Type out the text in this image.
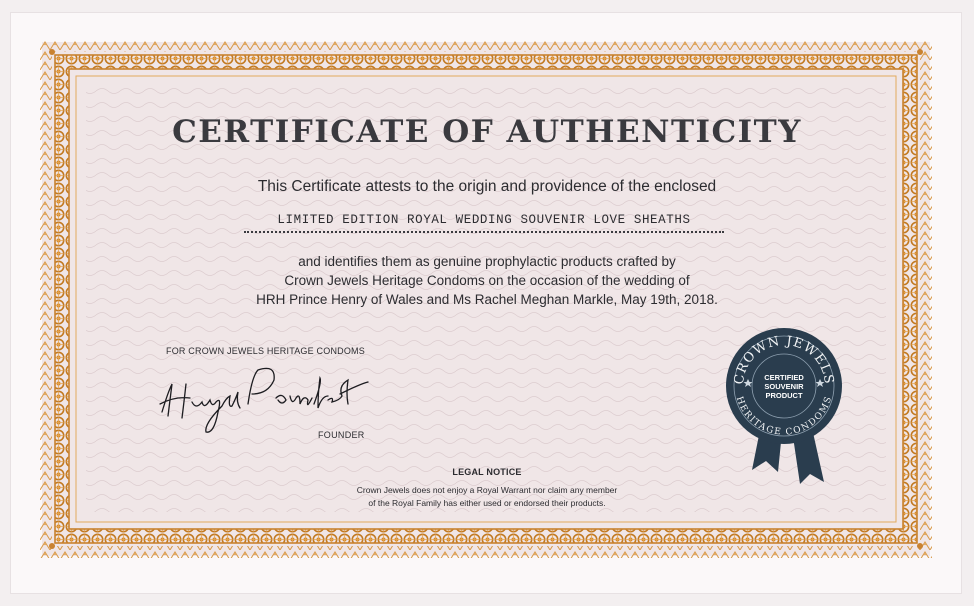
CROWN JEWELS
HERITAGE CONDOMS
CERTIFIED
SOUVENIR
PRODUCT
CERTIFICATE OF AUTHENTICITY
This Certificate attests to the origin and providence of the enclosed
LIMITED EDITION ROYAL WEDDING SOUVENIR LOVE SHEATHS
and identifies them as genuine prophylactic products crafted by
Crown Jewels Heritage Condoms on the occasion of the wedding of
HRH Prince Henry of Wales and Ms Rachel Meghan Markle, May 19th, 2018.
FOR CROWN JEWELS HERITAGE CONDOMS
FOUNDER
LEGAL NOTICE
Crown Jewels does not enjoy a Royal Warrant nor claim any member
of the Royal Family has either used or endorsed their products.
